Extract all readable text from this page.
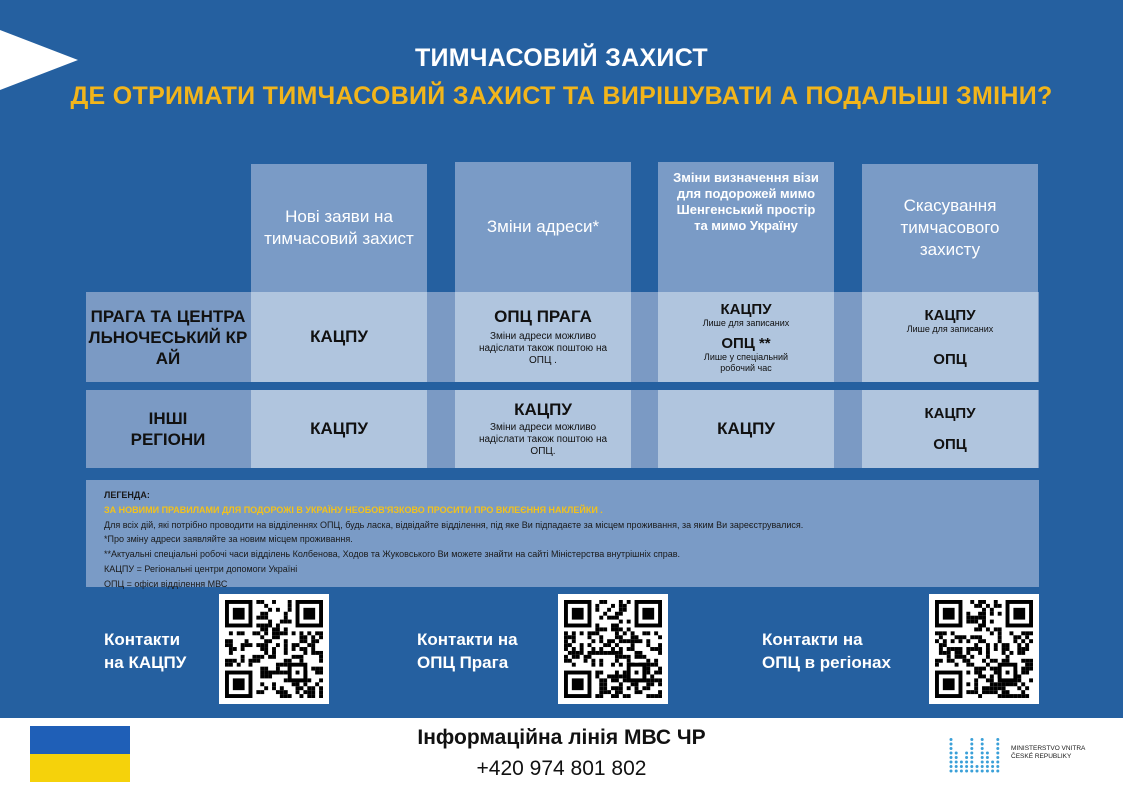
ТИМЧАСОВИЙ ЗАХИСТ
ДЕ ОТРИМАТИ ТИМЧАСОВИЙ ЗАХИСТ ТА ВИРІШУВАТИ А ПОДАЛЬШІ ЗМІНИ?
Нові заяви на тимчасовий захист
Зміни адреси*
Зміни визначення візи для подорожей мимо Шенгенський простір та мимо Україну
Скасування тимчасового захисту
ПРАГА ТА ЦЕНТРАЛЬНОЧЕСЬКИЙ КРАЙ
КАЦПУ
ОПЦ ПРАГА
Зміни адреси можливо надіслати також поштою на ОПЦ .
КАЦПУ
Лише для записаних
ОПЦ **
Лише у спеціальний робочий час
КАЦПУ
Лише для записаних
ОПЦ
ІНШІ РЕГІОНИ
КАЦПУ
КАЦПУ
Зміни адреси можливо надіслати також поштою на ОПЦ.
КАЦПУ
КАЦПУ
ОПЦ
ЛЕГЕНДА:
ЗА НОВИМИ ПРАВИЛАМИ ДЛЯ ПОДОРОЖІ В УКРАЇНУ НЕОБОВ'ЯЗКОВО ПРОСИТИ ПРО ВКЛЕЄННЯ НАКЛЕЙКИ .
Для всіх дій, які потрібно проводити на відділеннях ОПЦ, будь ласка, відвідайте відділення, під яке Ви підпадаєте за місцем проживання, за яким Ви зареєструвалися.
*Про зміну адреси заявляйте за новим місцем проживання.
**Актуальні спеціальні робочі часи відділень Колбенова, Ходов та Жуковського Ви можете знайти на сайті Міністерства внутрішніх справ.
КАЦПУ = Регіональні центри допомоги Україні
ОПЦ = офіси відділення МВС
Контакти
на КАЦПУ
Контакти на
ОПЦ Прага
Контакти на
ОПЦ в регіонах
Інформаційна лінія МВС ЧР
+420 974 801 802
MINISTERSTVO VNITRA
ČESKÉ REPUBLIKY
